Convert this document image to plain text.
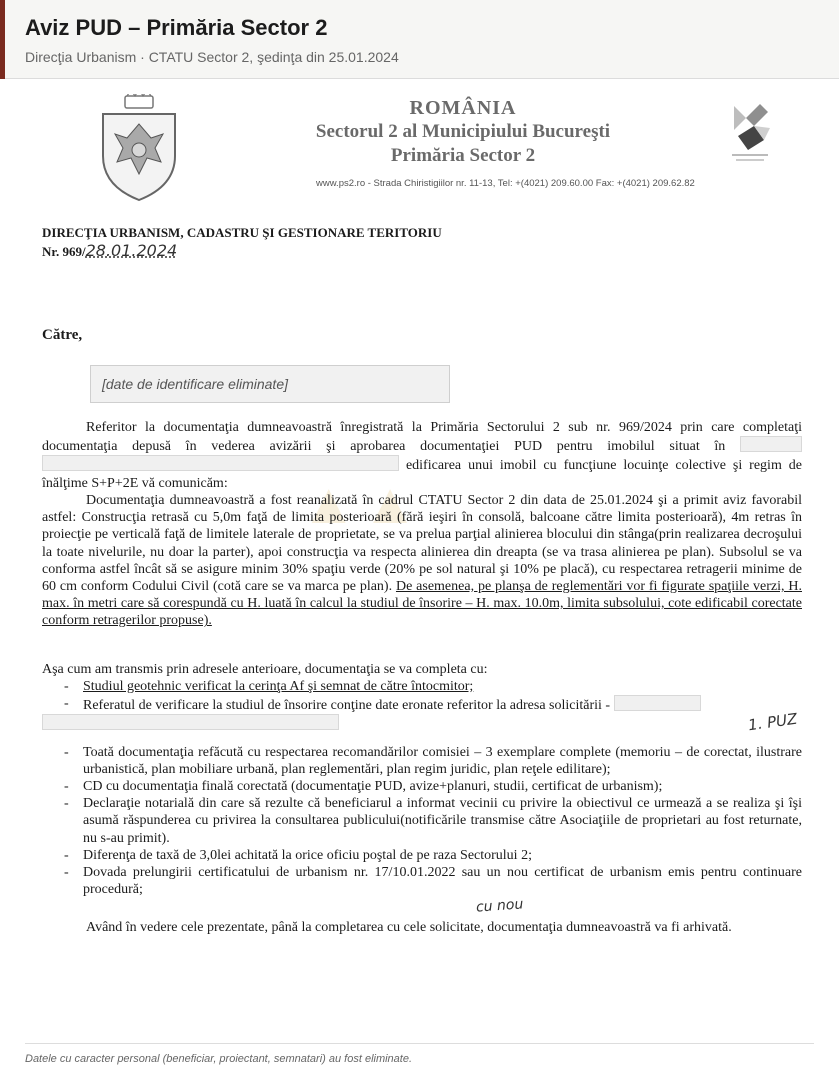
Aviz PUD – Primăria Sector 2
Direcţia Urbanism · CTATU Sector 2, şedinţa din 25.01.2024
ROMÂNIA
Sectorul 2 al Municipiului Bucureşti
Primăria Sector 2
www.ps2.ro - Strada Chiristigiilor nr. 11-13, Tel: +(4021) 209.60.00 Fax: +(4021) 209.62.82
DIRECŢIA URBANISM, CADASTRU ŞI GESTIONARE TERITORIU
Nr. 969/28.01.2024
Către,
[date de identificare eliminate]
▲▲

Referitor la documentaţia dumneavoastră înregistrată la Primăria Sectorului 2 sub nr. 969/2024 prin care completaţi documentaţia depusă în vederea avizării şi aprobarea documentaţiei PUD pentru imobilul situat în   edificarea unui imobil cu funcţiune locuinţe colective şi regim de înălţime S+P+2E vă comunicăm:

Documentaţia dumneavoastră a fost reanalizată în cadrul CTATU Sector 2 din data de 25.01.2024 şi a primit aviz favorabil astfel: Construcţia retrasă cu 5,0m faţă de limita posterioară (fără ieşiri în consolă, balcoane către limita posterioară), 4m retras în proiecţie pe verticală faţă de limitele laterale de proprietate, se va prelua parţial alinierea blocului din stânga(prin realizarea decroşului la toate nivelurile, nu doar la parter), apoi construcţia va respecta alinierea din dreapta (se va trasa alinierea pe plan). Subsolul se va conforma astfel încât să se asigure minim 30% spaţiu verde (20% pe sol natural şi 10% pe placă), cu respectarea retragerii minime de 60 cm conform Codului Civil (cotă care se va marca pe plan). De asemenea, pe planşa de reglementări vor fi figurate spaţiile verzi, H. max. în metri care să corespundă cu H. luată în calcul la studiul de însorire – H. max. 10.0m, limita subsolului, cote edificabil corectate conform retragerilor propuse).

Aşa cum am transmis prin adresele anterioare, documentaţia se va completa cu:

- Studiul geotehnic verificat la cerinţa Af şi semnat de către întocmitor;
- Referatul de verificare la studiul de însorire conţine date eronate referitor la adresa solicitării -

- Toată documentaţia refăcută cu respectarea recomandărilor comisiei – 3 exemplare complete (memoriu – de corectat, ilustrare urbanistică, plan mobiliare urbană, plan reglementări, plan regim juridic, plan reţele edilitare);
- CD cu documentaţia finală corectată (documentaţie PUD, avize+planuri, studii, certificat de urbanism);
- Declaraţie notarială din care să rezulte că beneficiarul a informat vecinii cu privire la obiectivul ce urmează a se realiza şi îşi asumă răspunderea cu privirea la consultarea publicului(notificările transmise către Asociaţiile de proprietari au fost returnate, nu s-au primit).
- Diferenţa de taxă de 3,0lei achitată la orice oficiu poştal de pe raza Sectorului 2;
- Dovada prelungirii certificatului de urbanism nr. 17/10.01.2022 sau un nou certificat de urbanism emis pentru continuare procedură;

Având în vedere cele prezentate, până la completarea cu cele solicitate, documentaţia dumneavoastră va fi arhivată.

1. PUZ
cu nou
Datele cu caracter personal (beneficiar, proiectant, semnatari) au fost eliminate.
